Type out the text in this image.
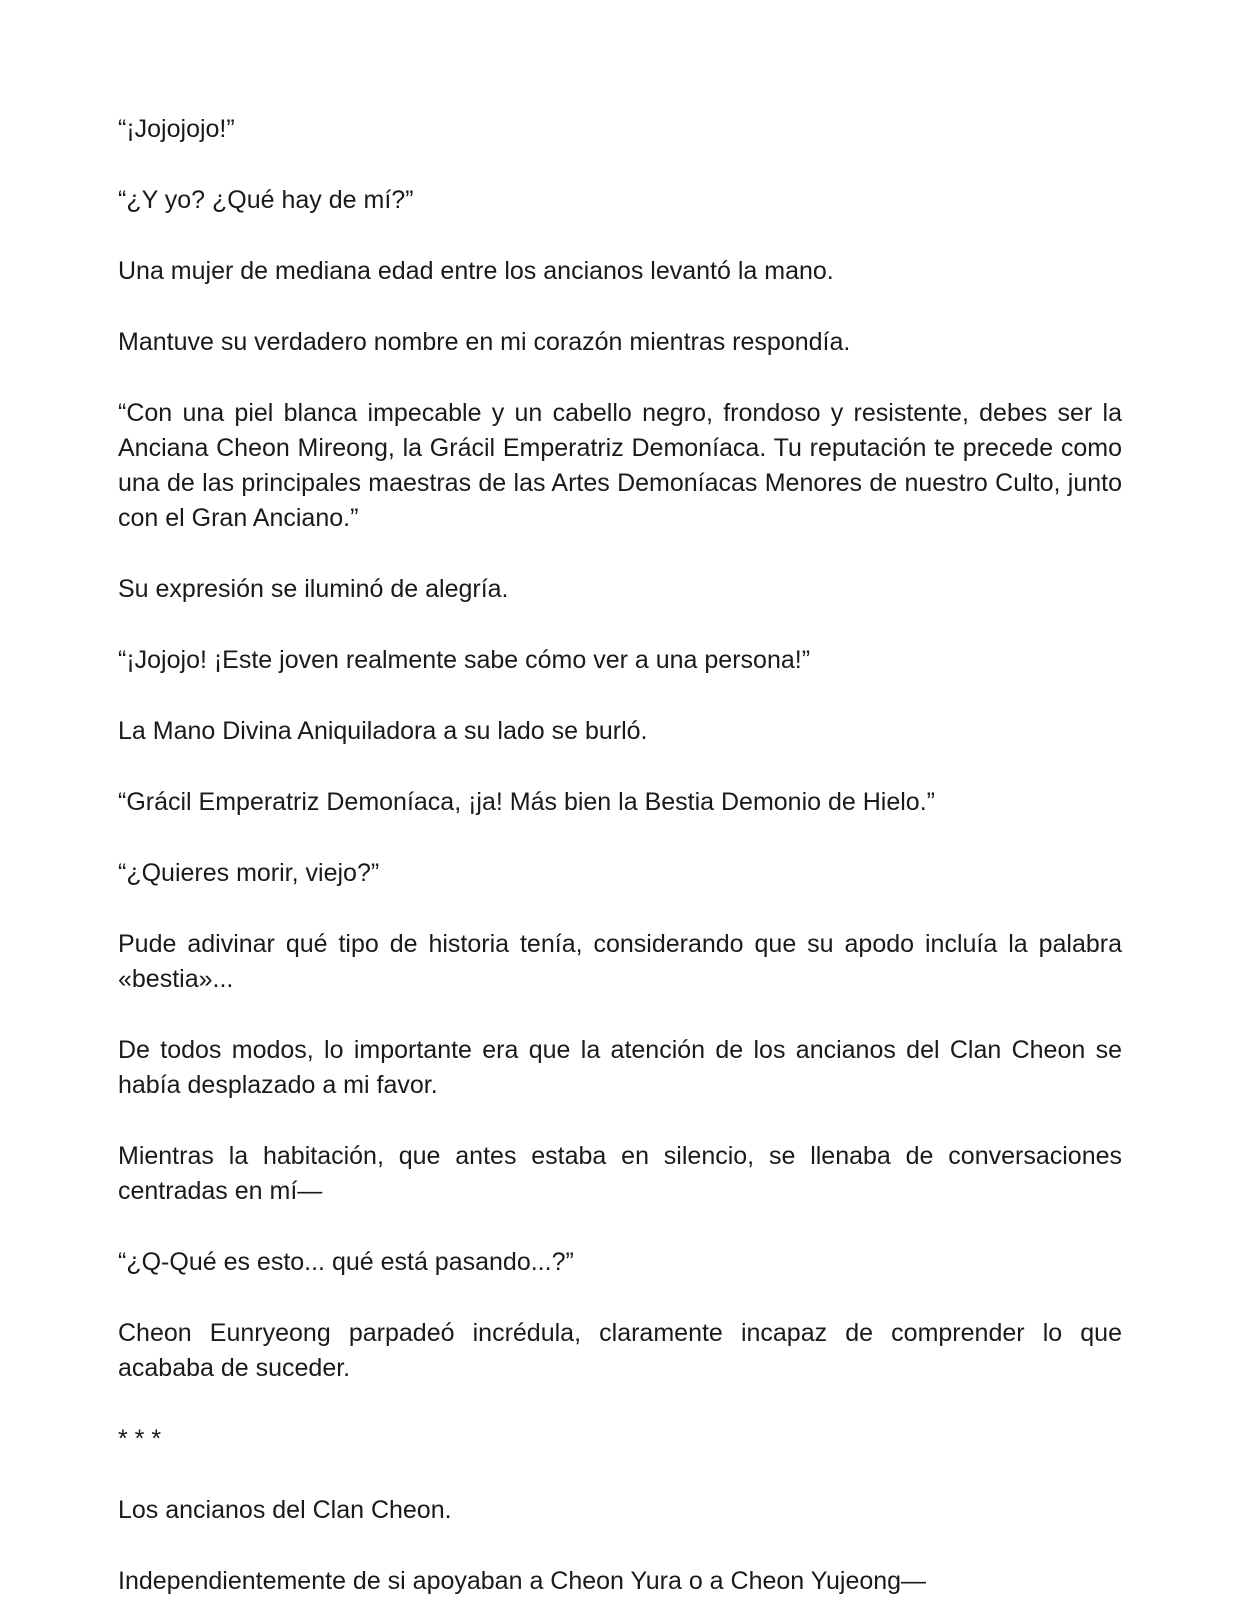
“¡Jojojojo!”

“¿Y yo? ¿Qué hay de mí?”

Una mujer de mediana edad entre los ancianos levantó la mano.

Mantuve su verdadero nombre en mi corazón mientras respondía.

“Con una piel blanca impecable y un cabello negro, frondoso y resistente, debes ser la Anciana Cheon Mireong, la Grácil Emperatriz Demoníaca. Tu reputación te precede como una de las principales maestras de las Artes Demoníacas Menores de nuestro Culto, junto con el Gran Anciano.”

Su expresión se iluminó de alegría.

“¡Jojojo! ¡Este joven realmente sabe cómo ver a una persona!”

La Mano Divina Aniquiladora a su lado se burló.

“Grácil Emperatriz Demoníaca, ¡ja! Más bien la Bestia Demonio de Hielo.”

“¿Quieres morir, viejo?”

Pude adivinar qué tipo de historia tenía, considerando que su apodo incluía la palabra «bestia»...

De todos modos, lo importante era que la atención de los ancianos del Clan Cheon se había desplazado a mi favor.

Mientras la habitación, que antes estaba en silencio, se llenaba de conversaciones centradas en mí—

“¿Q-Qué es esto... qué está pasando...?”

Cheon Eunryeong parpadeó incrédula, claramente incapaz de comprender lo que acababa de suceder.

* * *

Los ancianos del Clan Cheon.

Independientemente de si apoyaban a Cheon Yura o a Cheon Yujeong—
